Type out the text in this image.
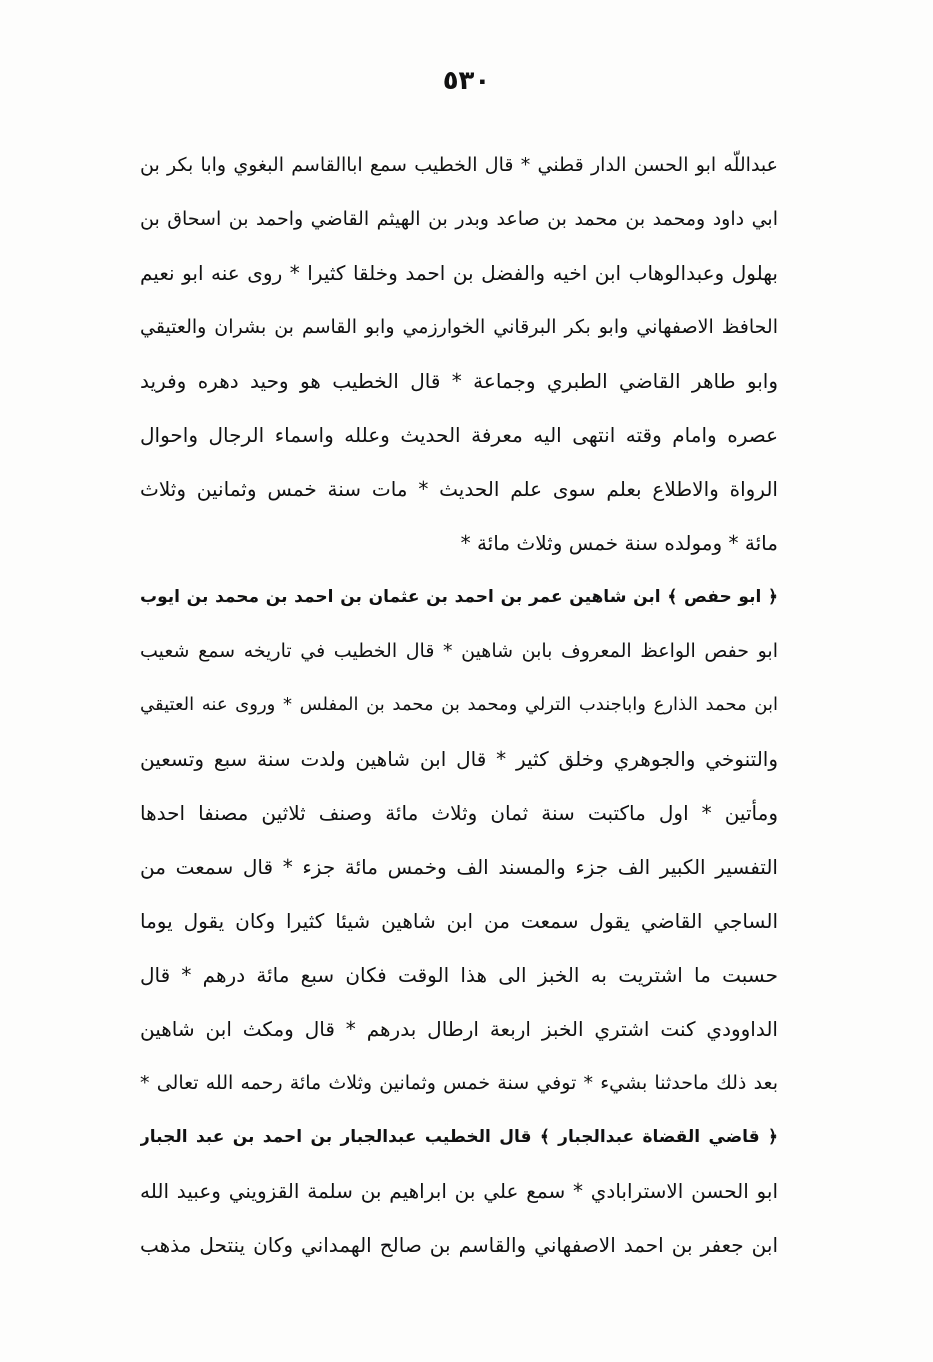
٥٣٠
عبداللّه ابو الحسن الدار قطني * قال الخطيب سمع اباالقاسم البغوي وابا بكر بن
ابي داود ومحمد بن محمد بن صاعد وبدر بن الهيثم القاضي واحمد بن اسحاق بن
بهلول وعبدالوهاب ابن اخيه والفضل بن احمد وخلقا كثيرا * روى عنه ابو نعيم
الحافظ الاصفهاني وابو بكر البرقاني الخوارزمي وابو القاسم بن بشران والعتيقي
وابو طاهر القاضي الطبري وجماعة * قال الخطيب هو وحيد دهره وفريد
عصره وامام وقته انتهى اليه معرفة الحديث وعلله واسماء الرجال واحوال
الرواة والاطلاع بعلم سوى علم الحديث * مات سنة خمس وثمانين وثلاث
مائة * ومولده سنة خمس وثلاث مائة *
﴿ ابو حفص ﴾ ابن شاهين عمر بن احمد بن عثمان بن احمد بن محمد بن ايوب
ابو حفص الواعظ المعروف بابن شاهين * قال الخطيب في تاريخه سمع شعيب
ابن محمد الذارع واباجندب الترلي ومحمد بن محمد بن المفلس * وروى عنه العتيقي
والتنوخي والجوهري وخلق كثير * قال ابن شاهين ولدت سنة سبع وتسعين
ومأتين * اول ماكتبت سنة ثمان وثلاث مائة وصنف ثلاثين مصنفا احدها
التفسير الكبير الف جزء والمسند الف وخمس مائة جزء * قال سمعت من
الساجي القاضي يقول سمعت من ابن شاهين شيئا كثيرا وكان يقول يوما
حسبت ما اشتريت به الخبز الى هذا الوقت فكان سبع مائة درهم * قال
الداوودي كنت اشتري الخبز اربعة ارطال بدرهم * قال ومكث ابن شاهين
بعد ذلك ماحدثنا بشيء * توفي سنة خمس وثمانين وثلاث مائة رحمه الله تعالى *
﴿ قاضي القضاة عبدالجبار ﴾ قال الخطيب عبدالجبار بن احمد بن عبد الجبار
ابو الحسن الاسترابادي * سمع علي بن ابراهيم بن سلمة القزويني وعبيد الله
ابن جعفر بن احمد الاصفهاني والقاسم بن صالح الهمداني وكان ينتحل مذهب
